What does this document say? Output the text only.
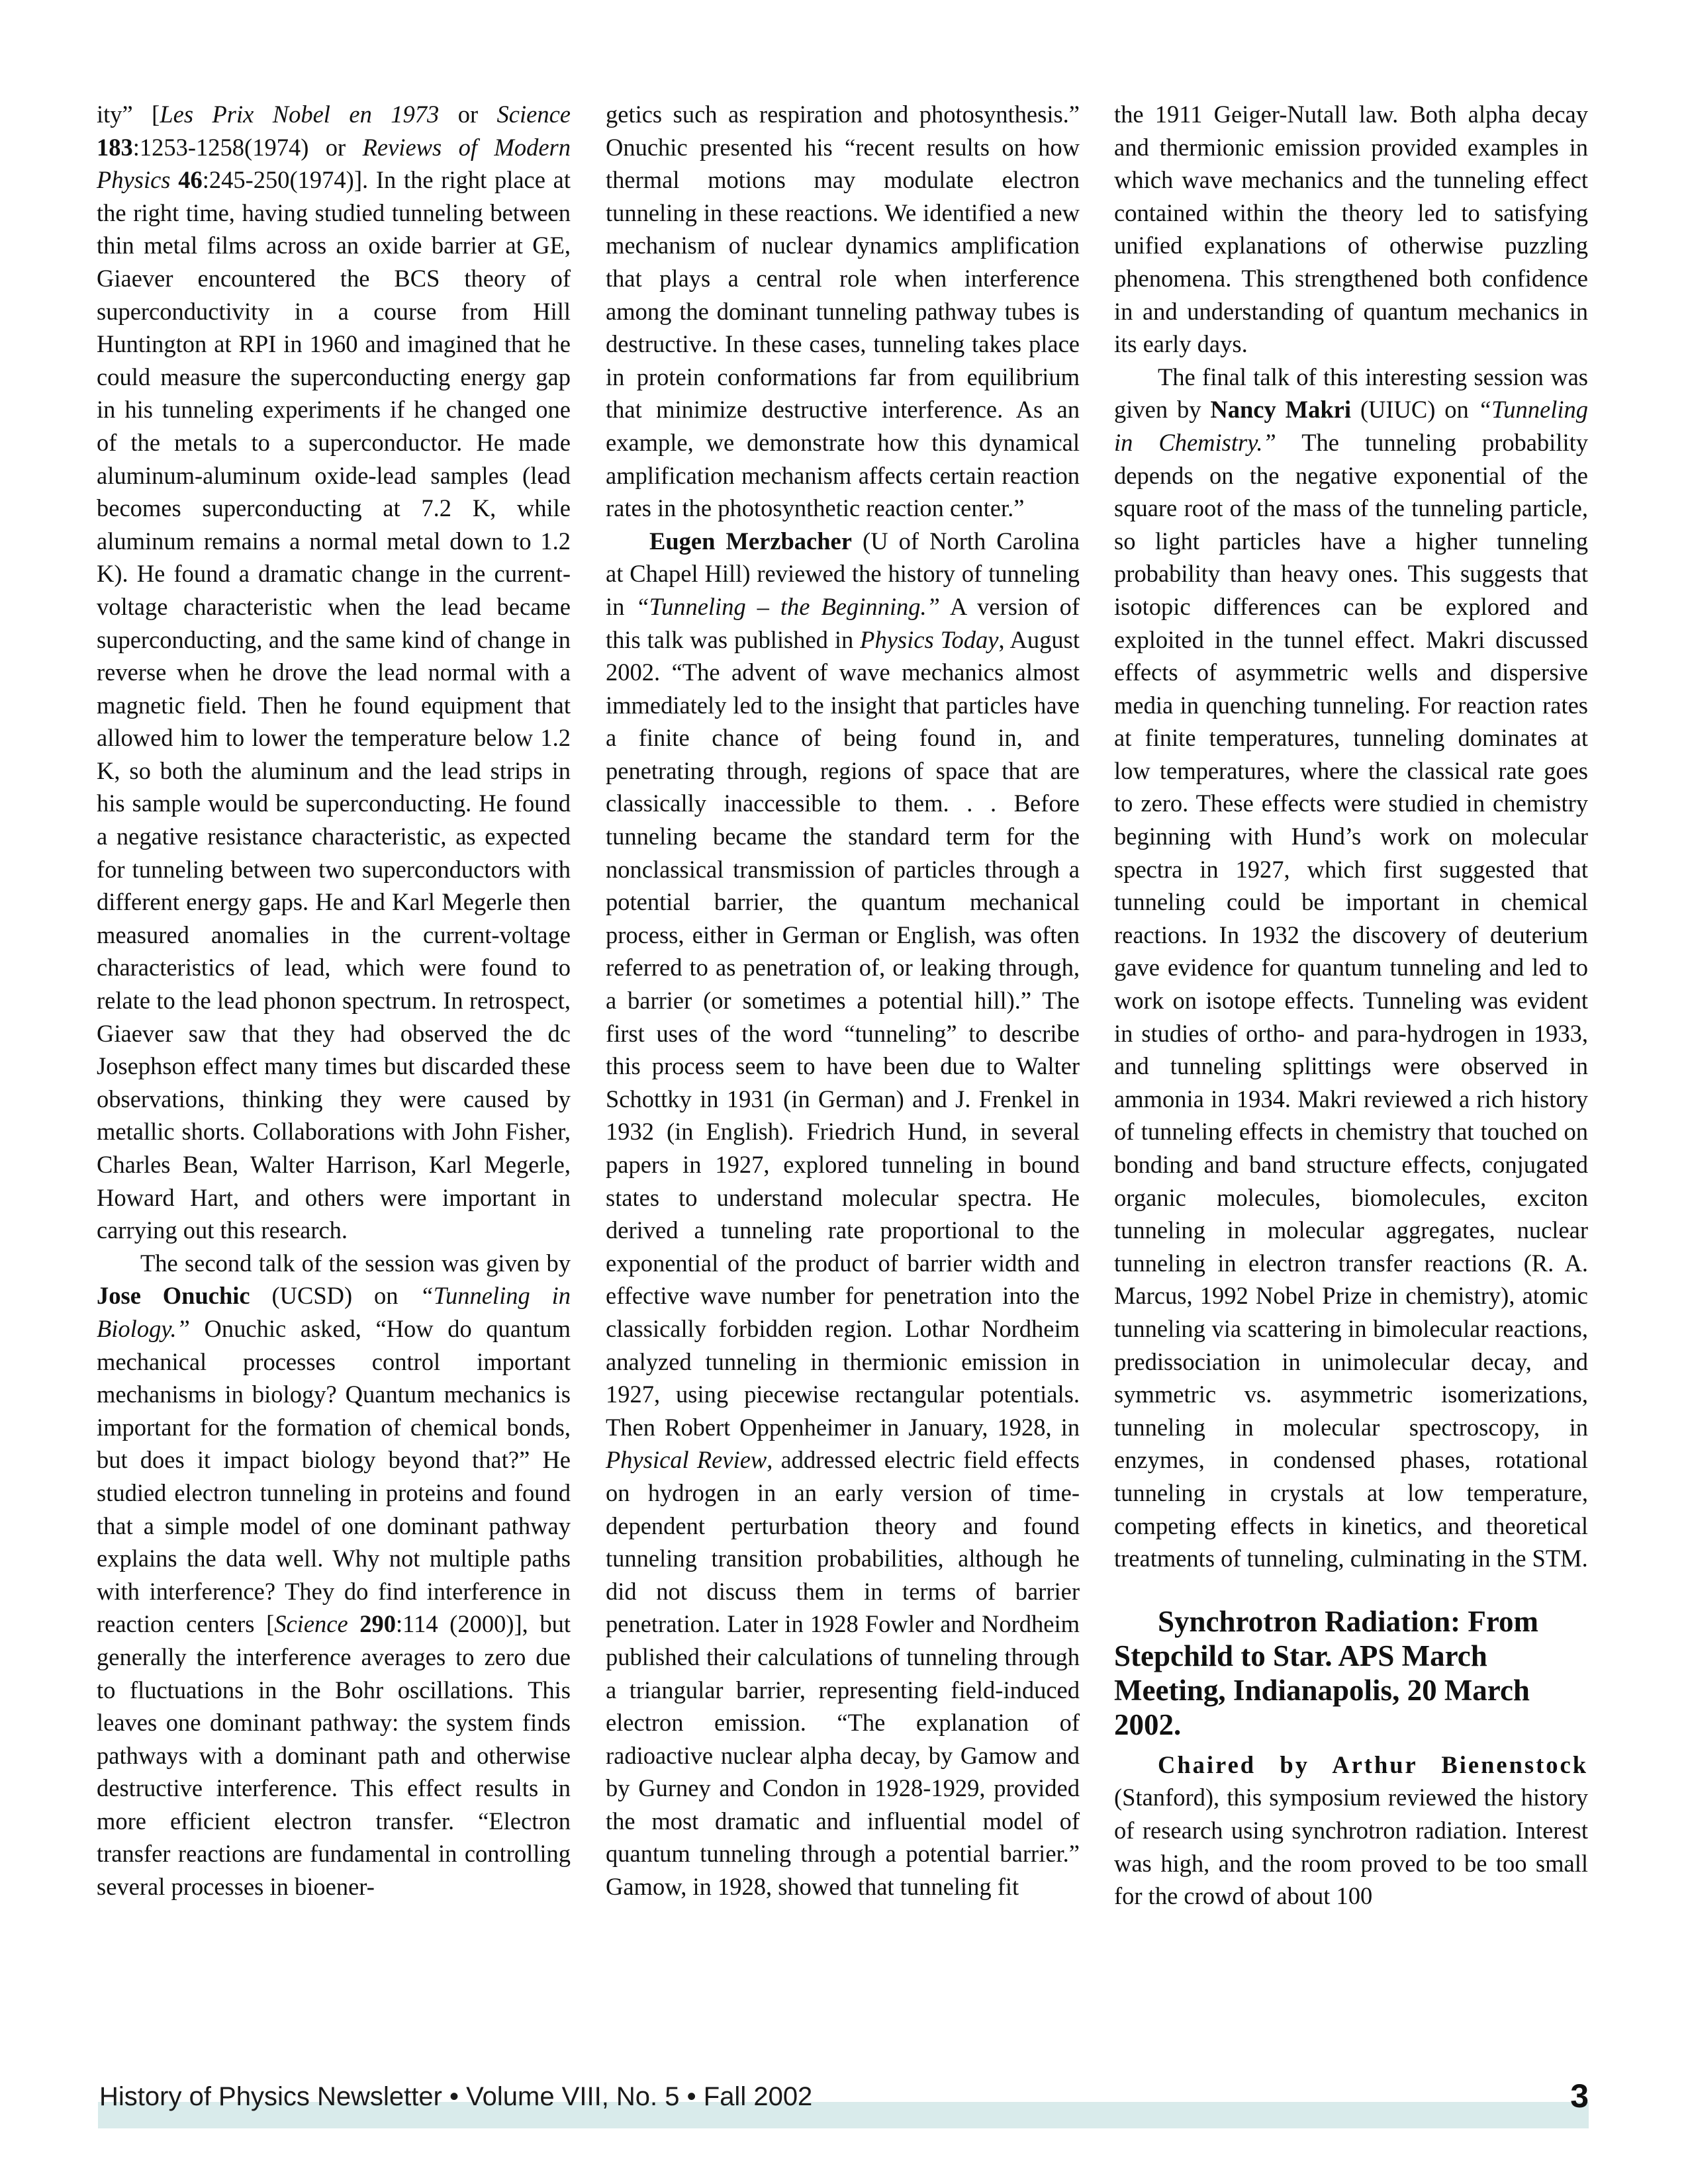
ity” [Les Prix Nobel en 1973 or Science 183:1253-1258(1974) or Reviews of Modern Physics 46:245-250(1974)]. In the right place at the right time, having studied tunneling between thin metal films across an oxide barrier at GE, Giaever encountered the BCS theory of superconductivity in a course from Hill Huntington at RPI in 1960 and imagined that he could measure the superconducting energy gap in his tunneling experiments if he changed one of the metals to a superconductor. He made aluminum-aluminum oxide-lead samples (lead becomes superconducting at 7.2 K, while aluminum remains a normal metal down to 1.2 K). He found a dramatic change in the current-voltage characteristic when the lead became superconducting, and the same kind of change in reverse when he drove the lead normal with a magnetic field. Then he found equipment that allowed him to lower the temperature below 1.2 K, so both the aluminum and the lead strips in his sample would be superconducting. He found a negative resistance characteristic, as expected for tunneling between two superconductors with different energy gaps. He and Karl Megerle then measured anomalies in the current-voltage characteristics of lead, which were found to relate to the lead phonon spectrum. In retrospect, Giaever saw that they had observed the dc Josephson effect many times but discarded these observations, thinking they were caused by metallic shorts. Collaborations with John Fisher, Charles Bean, Walter Harrison, Karl Megerle, Howard Hart, and others were important in carrying out this research.

The second talk of the session was given by Jose Onuchic (UCSD) on “Tunneling in Biology.” Onuchic asked, “How do quantum mechanical processes control important mechanisms in biology? Quantum mechanics is important for the formation of chemical bonds, but does it impact biology beyond that?” He studied electron tunneling in proteins and found that a simple model of one dominant pathway explains the data well. Why not multiple paths with interference? They do find interference in reaction centers [Science 290:114 (2000)], but generally the interference averages to zero due to fluctuations in the Bohr oscillations. This leaves one dominant pathway: the system finds pathways with a dominant path and otherwise destructive interference. This effect results in more efficient electron transfer. “Electron transfer reactions are fundamental in controlling several processes in bioener-

getics such as respiration and photosynthesis.” Onuchic presented his “recent results on how thermal motions may modulate electron tunneling in these reactions. We identified a new mechanism of nuclear dynamics amplification that plays a central role when interference among the dominant tunneling pathway tubes is destructive. In these cases, tunneling takes place in protein conformations far from equilibrium that minimize destructive interference. As an example, we demonstrate how this dynamical amplification mechanism affects certain reaction rates in the photosynthetic reaction center.”

Eugen Merzbacher (U of North Carolina at Chapel Hill) reviewed the history of tunneling in “Tunneling – the Beginning.” A version of this talk was published in Physics Today, August 2002. “The advent of wave mechanics almost immediately led to the insight that particles have a finite chance of being found in, and penetrating through, regions of space that are classically inaccessible to them. . . Before tunneling became the standard term for the nonclassical transmission of particles through a potential barrier, the quantum mechanical process, either in German or English, was often referred to as penetration of, or leaking through, a barrier (or sometimes a potential hill).” The first uses of the word “tunneling” to describe this process seem to have been due to Walter Schottky in 1931 (in German) and J. Frenkel in 1932 (in English). Friedrich Hund, in several papers in 1927, explored tunneling in bound states to understand molecular spectra. He derived a tunneling rate proportional to the exponential of the product of barrier width and effective wave number for penetration into the classically forbidden region. Lothar Nordheim analyzed tunneling in thermionic emission in 1927, using piecewise rectangular potentials. Then Robert Oppenheimer in January, 1928, in Physical Review, addressed electric field effects on hydrogen in an early version of time-dependent perturbation theory and found tunneling transition probabilities, although he did not discuss them in terms of barrier penetration. Later in 1928 Fowler and Nordheim published their calculations of tunneling through a triangular barrier, representing field-induced electron emission. “The explanation of radioactive nuclear alpha decay, by Gamow and by Gurney and Condon in 1928-1929, provided the most dramatic and influential model of quantum tunneling through a potential barrier.” Gamow, in 1928, showed that tunneling fit

the 1911 Geiger-Nutall law. Both alpha decay and thermionic emission provided examples in which wave mechanics and the tunneling effect contained within the theory led to satisfying unified explanations of otherwise puzzling phenomena. This strengthened both confidence in and understanding of quantum mechanics in its early days.

The final talk of this interesting session was given by Nancy Makri (UIUC) on “Tunneling in Chemistry.” The tunneling probability depends on the negative exponential of the square root of the mass of the tunneling particle, so light particles have a higher tunneling probability than heavy ones. This suggests that isotopic differences can be explored and exploited in the tunnel effect. Makri discussed effects of asymmetric wells and dispersive media in quenching tunneling. For reaction rates at finite temperatures, tunneling dominates at low temperatures, where the classical rate goes to zero. These effects were studied in chemistry beginning with Hund’s work on molecular spectra in 1927, which first suggested that tunneling could be important in chemical reactions. In 1932 the discovery of deuterium gave evidence for quantum tunneling and led to work on isotope effects. Tunneling was evident in studies of ortho- and para-hydrogen in 1933, and tunneling splittings were observed in ammonia in 1934. Makri reviewed a rich history of tunneling effects in chemistry that touched on bonding and band structure effects, conjugated organic molecules, biomolecules, exciton tunneling in molecular aggregates, nuclear tunneling in electron transfer reactions (R. A. Marcus, 1992 Nobel Prize in chemistry), atomic tunneling via scattering in bimolecular reactions, predissociation in unimolecular decay, and symmetric vs. asymmetric isomerizations, tunneling in molecular spectroscopy, in enzymes, in condensed phases, rotational tunneling in crystals at low temperature, competing effects in kinetics, and theoretical treatments of tunneling, culminating in the STM.

Synchrotron Radiation: From Stepchild to Star. APS March Meeting, Indianapolis, 20 March 2002.

Chaired by Arthur Bienenstock (Stanford), this symposium reviewed the history of research using synchrotron radiation. Interest was high, and the room proved to be too small for the crowd of about 100

History of Physics Newsletter • Volume VIII, No. 5 • Fall 2002	3
